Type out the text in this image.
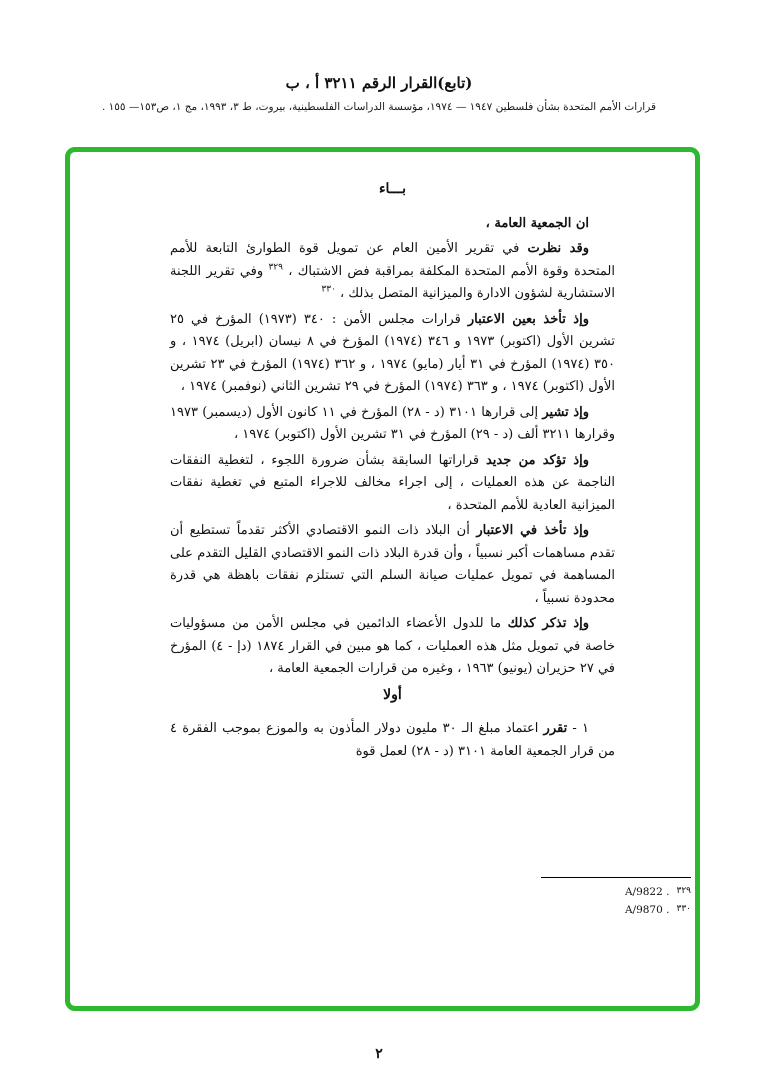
(تابع)القرار الرقم ٣٢١١ أ ، ب
قرارات الأمم المتحدة بشأن فلسطين ١٩٤٧ — ١٩٧٤، مؤسسة الدراسات الفلسطينية، بيروت، ط ٣، ١٩٩٣، مج ١، ص١٥٣— ١٥٥ .
بـــاء

ان الجمعية العامة ،

وقد نظرت في تقرير الأمين العام عن تمويل قوة الطوارئ التابعة للأمم المتحدة وقوة الأمم المتحدة المكلفة بمراقبة فض الاشتباك ، $^{٣٢٩}$ وفي تقرير اللجنة الاستشارية لشؤون الادارة والميزانية المتصل بذلك ، $^{٣٣٠}$

وإذ تأخذ بعين الاعتبار قرارات مجلس الأمن : ٣٤٠ (١٩٧٣) المؤرخ في ٢٥ تشرين الأول (اكتوبر) ١٩٧٣ و ٣٤٦ (١٩٧٤) المؤرخ في ٨ نيسان (ابريل) ١٩٧٤ ، و ٣٥٠ (١٩٧٤) المؤرخ في ٣١ أيار (مايو) ١٩٧٤ ، و ٣٦٢ (١٩٧٤) المؤرخ في ٢٣ تشرين الأول (اكتوبر) ١٩٧٤ ، و ٣٦٣ (١٩٧٤) المؤرخ في ٢٩ تشرين الثاني (نوفمبر) ١٩٧٤ ،

وإذ تشير إلى قرارها ٣١٠١ (د - ٢٨) المؤرخ في ١١ كانون الأول (ديسمبر) ١٩٧٣ وقرارها ٣٢١١ ألف (د - ٢٩) المؤرخ في ٣١ تشرين الأول (اكتوبر) ١٩٧٤ ،

وإذ تؤكد من جديد قراراتها السابقة بشأن ضرورة اللجوء ، لتغطية النفقات الناجمة عن هذه العمليات ، إلى اجراء مخالف للاجراء المتبع في تغطية نفقات الميزانية العادية للأمم المتحدة ،

وإذ تأخذ في الاعتبار أن البلاد ذات النمو الاقتصادي الأكثر تقدماً تستطيع أن تقدم مساهمات أكبر نسبياً ، وأن قدرة البلاد ذات النمو الاقتصادي القليل التقدم على المساهمة في تمويل عمليات صيانة السلم التي تستلزم نفقات باهظة هي قدرة محدودة نسبياً ،

وإذ تذكر كذلك ما للدول الأعضاء الدائمين في مجلس الأمن من مسؤوليات خاصة في تمويل مثل هذه العمليات ، كما هو مبين في القرار ١٨٧٤ (دإ - ٤) المؤرخ في ٢٧ حزيران (يونيو) ١٩٦٣ ، وغيره من قرارات الجمعية العامة ،

أولا

١ - تقرر اعتماد مبلغ الـ ٣٠ مليون دولار المأذون به والموزع بموجب الفقرة ٤ من قرار الجمعية العامة ٣١٠١ (د - ٢٨) لعمل قوة

٣٢٩
A/9822 .
٣٣٠
A/9870 .
٢
